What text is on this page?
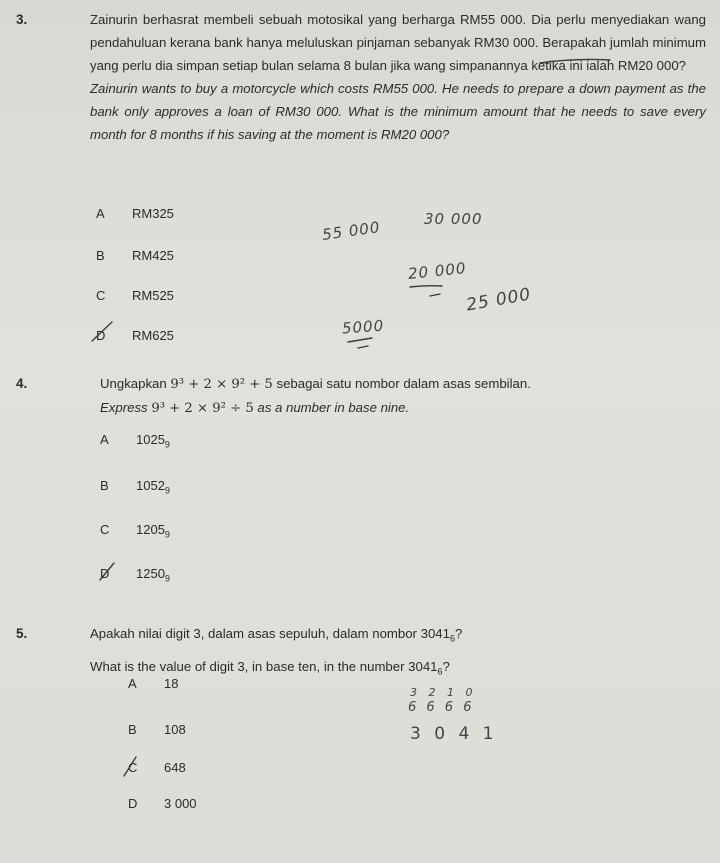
3.	Zainurin berhasrat membeli sebuah motosikal yang berharga RM55 000. Dia perlu menyediakan wang pendahuluan kerana bank hanya meluluskan pinjaman sebanyak RM30 000. Berapakah jumlah minimum yang perlu dia simpan setiap bulan selama 8 bulan jika wang simpanannya ketika ini ialah RM20 000?
Zainurin wants to buy a motorcycle which costs RM55 000. He needs to prepare a down payment as the bank only approves a loan of RM30 000. What is the minimum amount that he needs to save every month for 8 months if his saving at the moment is RM20 000?
A	RM325
B	RM425
C	RM525
D	RM625
55 000	30 000
20 000
25 000
5000
4.	Ungkapkan 9³ + 2 × 9² + 5 sebagai satu nombor dalam asas sembilan.
Express 9³ + 2 × 9² ÷ 5 as a number in base nine.
A	$1025_9$
B	$1052_9$
C	$1205_9$
D	$1250_9$
5.	Apakah nilai digit 3, dalam asas sepuluh, dalam nombor $3041_6$?
What is the value of digit 3, in base ten, in the number $3041_6$?
A	18
B	108
C	648
D	3 000
3 2 1 0
6 6 6 6
3 0 4 1
